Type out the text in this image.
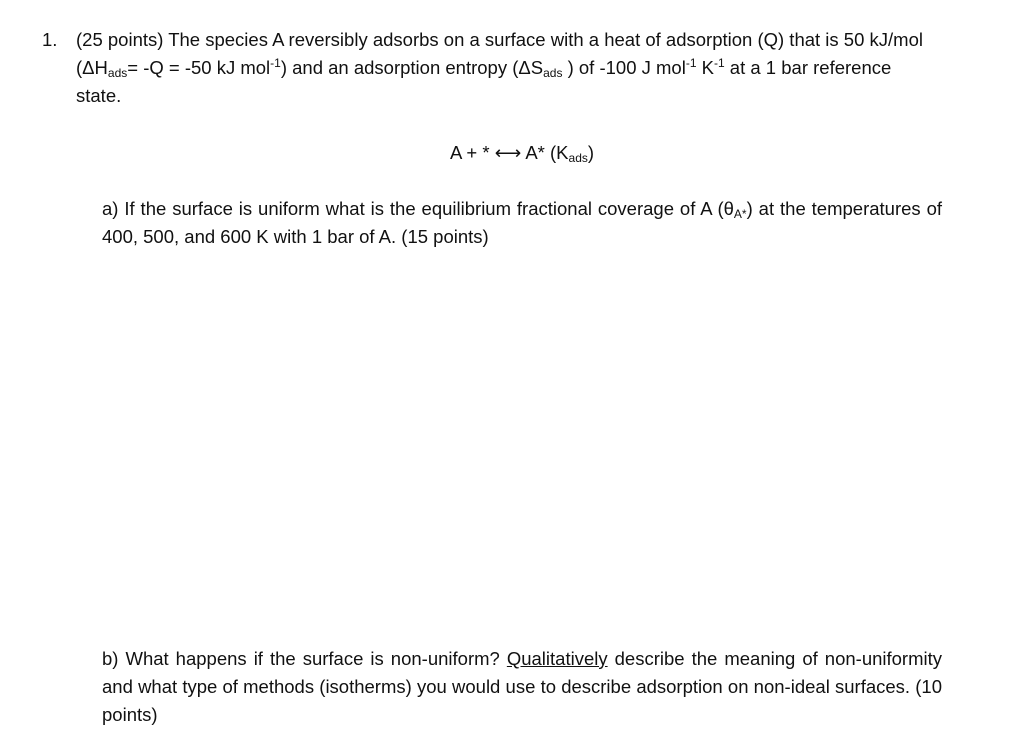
1. (25 points) The species A reversibly adsorbs on a surface with a heat of adsorption (Q) that is 50 kJ/mol ($\Delta H_{ads}= -Q = -50$ kJ mol$^{-1}$) and an adsorption entropy ($\Delta S_{ads}$ ) of -100 J mol$^{-1}$ $K^{-1}$ at a 1 bar reference state.
A + * ⟷ A* $(K_{ads})$
a) If the surface is uniform what is the equilibrium fractional coverage of A $(\theta_{A*})$ at the temperatures of 400, 500, and 600 K with 1 bar of A. (15 points)
b) What happens if the surface is non-uniform? Qualitatively describe the meaning of non-uniformity and what type of methods (isotherms) you would use to describe adsorption on non-ideal surfaces. (10 points)
